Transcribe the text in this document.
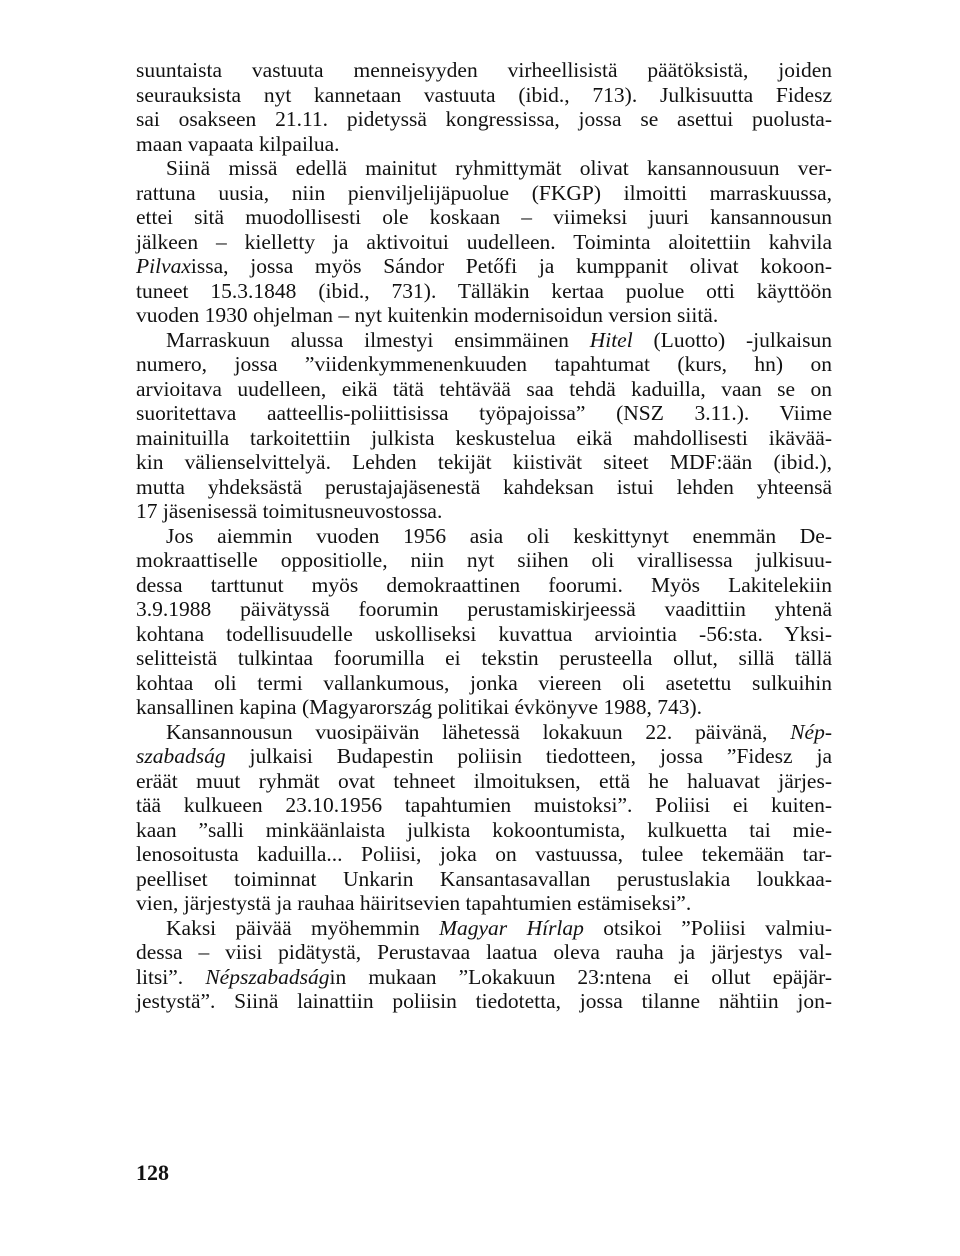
suuntaista vastuuta menneisyyden virheellisistä päätöksistä, joiden
seurauksista nyt kannetaan vastuuta (ibid., 713). Julkisuutta Fidesz
sai osakseen 21.11. pidetyssä kongressissa, jossa se asettui puolusta-
maan vapaata kilpailua.
Siinä missä edellä mainitut ryhmittymät olivat kansannousuun ver-
rattuna uusia, niin pienviljelijäpuolue (FKGP) ilmoitti marraskuussa,
ettei sitä muodollisesti ole koskaan – viimeksi juuri kansannousun
jälkeen – kielletty ja aktivoitui uudelleen. Toiminta aloitettiin kahvila
Pilvaxissa, jossa myös Sándor Petőfi ja kumppanit olivat kokoon-
tuneet 15.3.1848 (ibid., 731). Tälläkin kertaa puolue otti käyttöön
vuoden 1930 ohjelman – nyt kuitenkin modernisoidun version siitä.
Marraskuun alussa ilmestyi ensimmäinen Hitel (Luotto) -julkaisun
numero, jossa ”viidenkymmenenkuuden tapahtumat (kurs, hn) on
arvioitava uudelleen, eikä tätä tehtävää saa tehdä kaduilla, vaan se on
suoritettava aatteellis-poliittisissa työpajoissa” (NSZ 3.11.). Viime
mainituilla tarkoitettiin julkista keskustelua eikä mahdollisesti ikävää-
kin välienselvittelyä. Lehden tekijät kiistivät siteet MDF:ään (ibid.),
mutta yhdeksästä perustajajäsenestä kahdeksan istui lehden yhteensä
17 jäsenisessä toimitusneuvostossa.
Jos aiemmin vuoden 1956 asia oli keskittynyt enemmän De-
mokraattiselle oppositiolle, niin nyt siihen oli virallisessa julkisuu-
dessa tarttunut myös demokraattinen foorumi. Myös Lakitelekiin
3.9.1988 päivätyssä foorumin perustamiskirjeessä vaadittiin yhtenä
kohtana todellisuudelle uskolliseksi kuvattua arviointia -56:sta. Yksi-
selitteistä tulkintaa foorumilla ei tekstin perusteella ollut, sillä tällä
kohtaa oli termi vallankumous, jonka viereen oli asetettu sulkuihin
kansallinen kapina (Magyarország politikai évkönyve 1988, 743).
Kansannousun vuosipäivän lähetessä lokakuun 22. päivänä, Nép-
szabadság julkaisi Budapestin poliisin tiedotteen, jossa ”Fidesz ja
eräät muut ryhmät ovat tehneet ilmoituksen, että he haluavat järjes-
tää kulkueen 23.10.1956 tapahtumien muistoksi”. Poliisi ei kuiten-
kaan ”salli minkäänlaista julkista kokoontumista, kulkuetta tai mie-
lenosoitusta kaduilla... Poliisi, joka on vastuussa, tulee tekemään tar-
peelliset toiminnat Unkarin Kansantasavallan perustuslakia loukkaa-
vien, järjestystä ja rauhaa häiritsevien tapahtumien estämiseksi”.
Kaksi päivää myöhemmin Magyar Hírlap otsikoi ”Poliisi valmiu-
dessa – viisi pidätystä, Perustavaa laatua oleva rauha ja järjestys val-
litsi”. Népszabadságin mukaan ”Lokakuun 23:ntena ei ollut epäjär-
jestystä”. Siinä lainattiin poliisin tiedotetta, jossa tilanne nähtiin jon-
128
